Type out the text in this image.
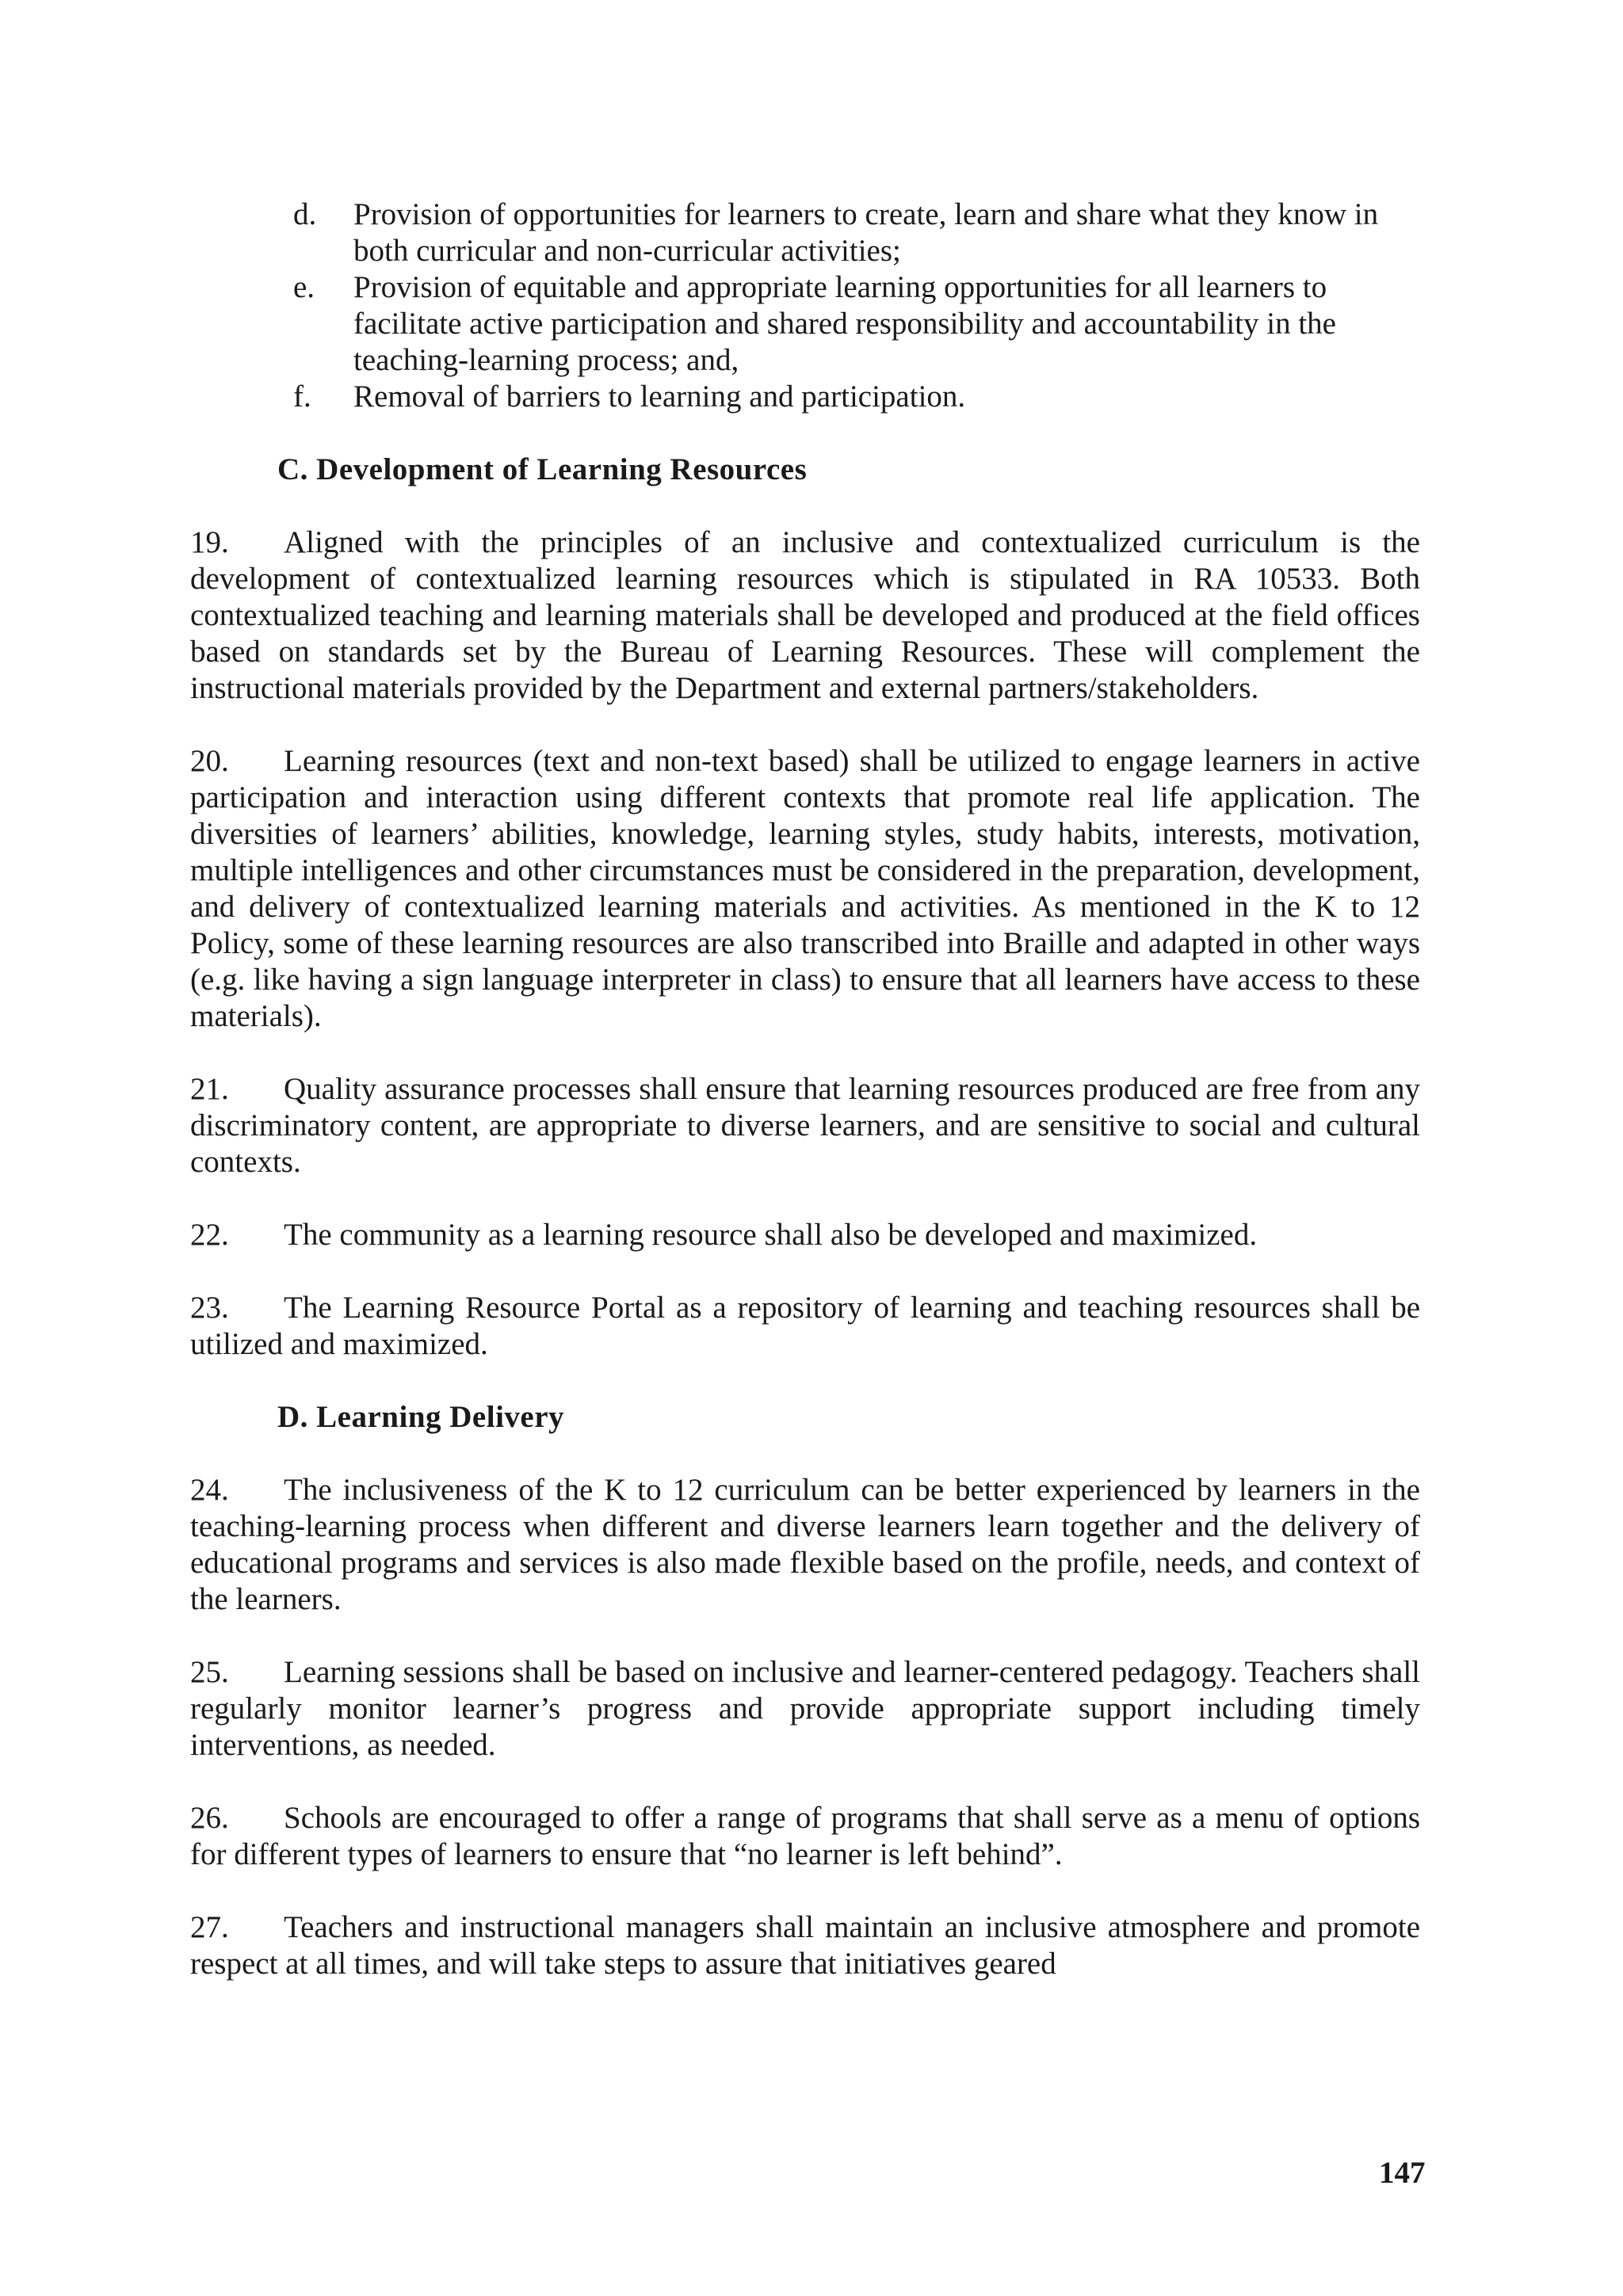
d. Provision of opportunities for learners to create, learn and share what they know in both curricular and non-curricular activities;
e. Provision of equitable and appropriate learning opportunities for all learners to facilitate active participation and shared responsibility and accountability in the teaching-learning process; and,
f. Removal of barriers to learning and participation.
C. Development of Learning Resources

19. Aligned with the principles of an inclusive and contextualized curriculum is the development of contextualized learning resources which is stipulated in RA 10533. Both contextualized teaching and learning materials shall be developed and produced at the field offices based on standards set by the Bureau of Learning Resources. These will complement the instructional materials provided by the Department and external partners/stakeholders.

20. Learning resources (text and non-text based) shall be utilized to engage learners in active participation and interaction using different contexts that promote real life application. The diversities of learners’ abilities, knowledge, learning styles, study habits, interests, motivation, multiple intelligences and other circumstances must be considered in the preparation, development, and delivery of contextualized learning materials and activities. As mentioned in the K to 12 Policy, some of these learning resources are also transcribed into Braille and adapted in other ways (e.g. like having a sign language interpreter in class) to ensure that all learners have access to these materials).

21. Quality assurance processes shall ensure that learning resources produced are free from any discriminatory content, are appropriate to diverse learners, and are sensitive to social and cultural contexts.

22. The community as a learning resource shall also be developed and maximized.

23. The Learning Resource Portal as a repository of learning and teaching resources shall be utilized and maximized.

D. Learning Delivery

24. The inclusiveness of the K to 12 curriculum can be better experienced by learners in the teaching-learning process when different and diverse learners learn together and the delivery of educational programs and services is also made flexible based on the profile, needs, and context of the learners.

25. Learning sessions shall be based on inclusive and learner-centered pedagogy. Teachers shall regularly monitor learner’s progress and provide appropriate support including timely interventions, as needed.

26. Schools are encouraged to offer a range of programs that shall serve as a menu of options for different types of learners to ensure that “no learner is left behind”.

27. Teachers and instructional managers shall maintain an inclusive atmosphere and promote respect at all times, and will take steps to assure that initiatives geared

147
